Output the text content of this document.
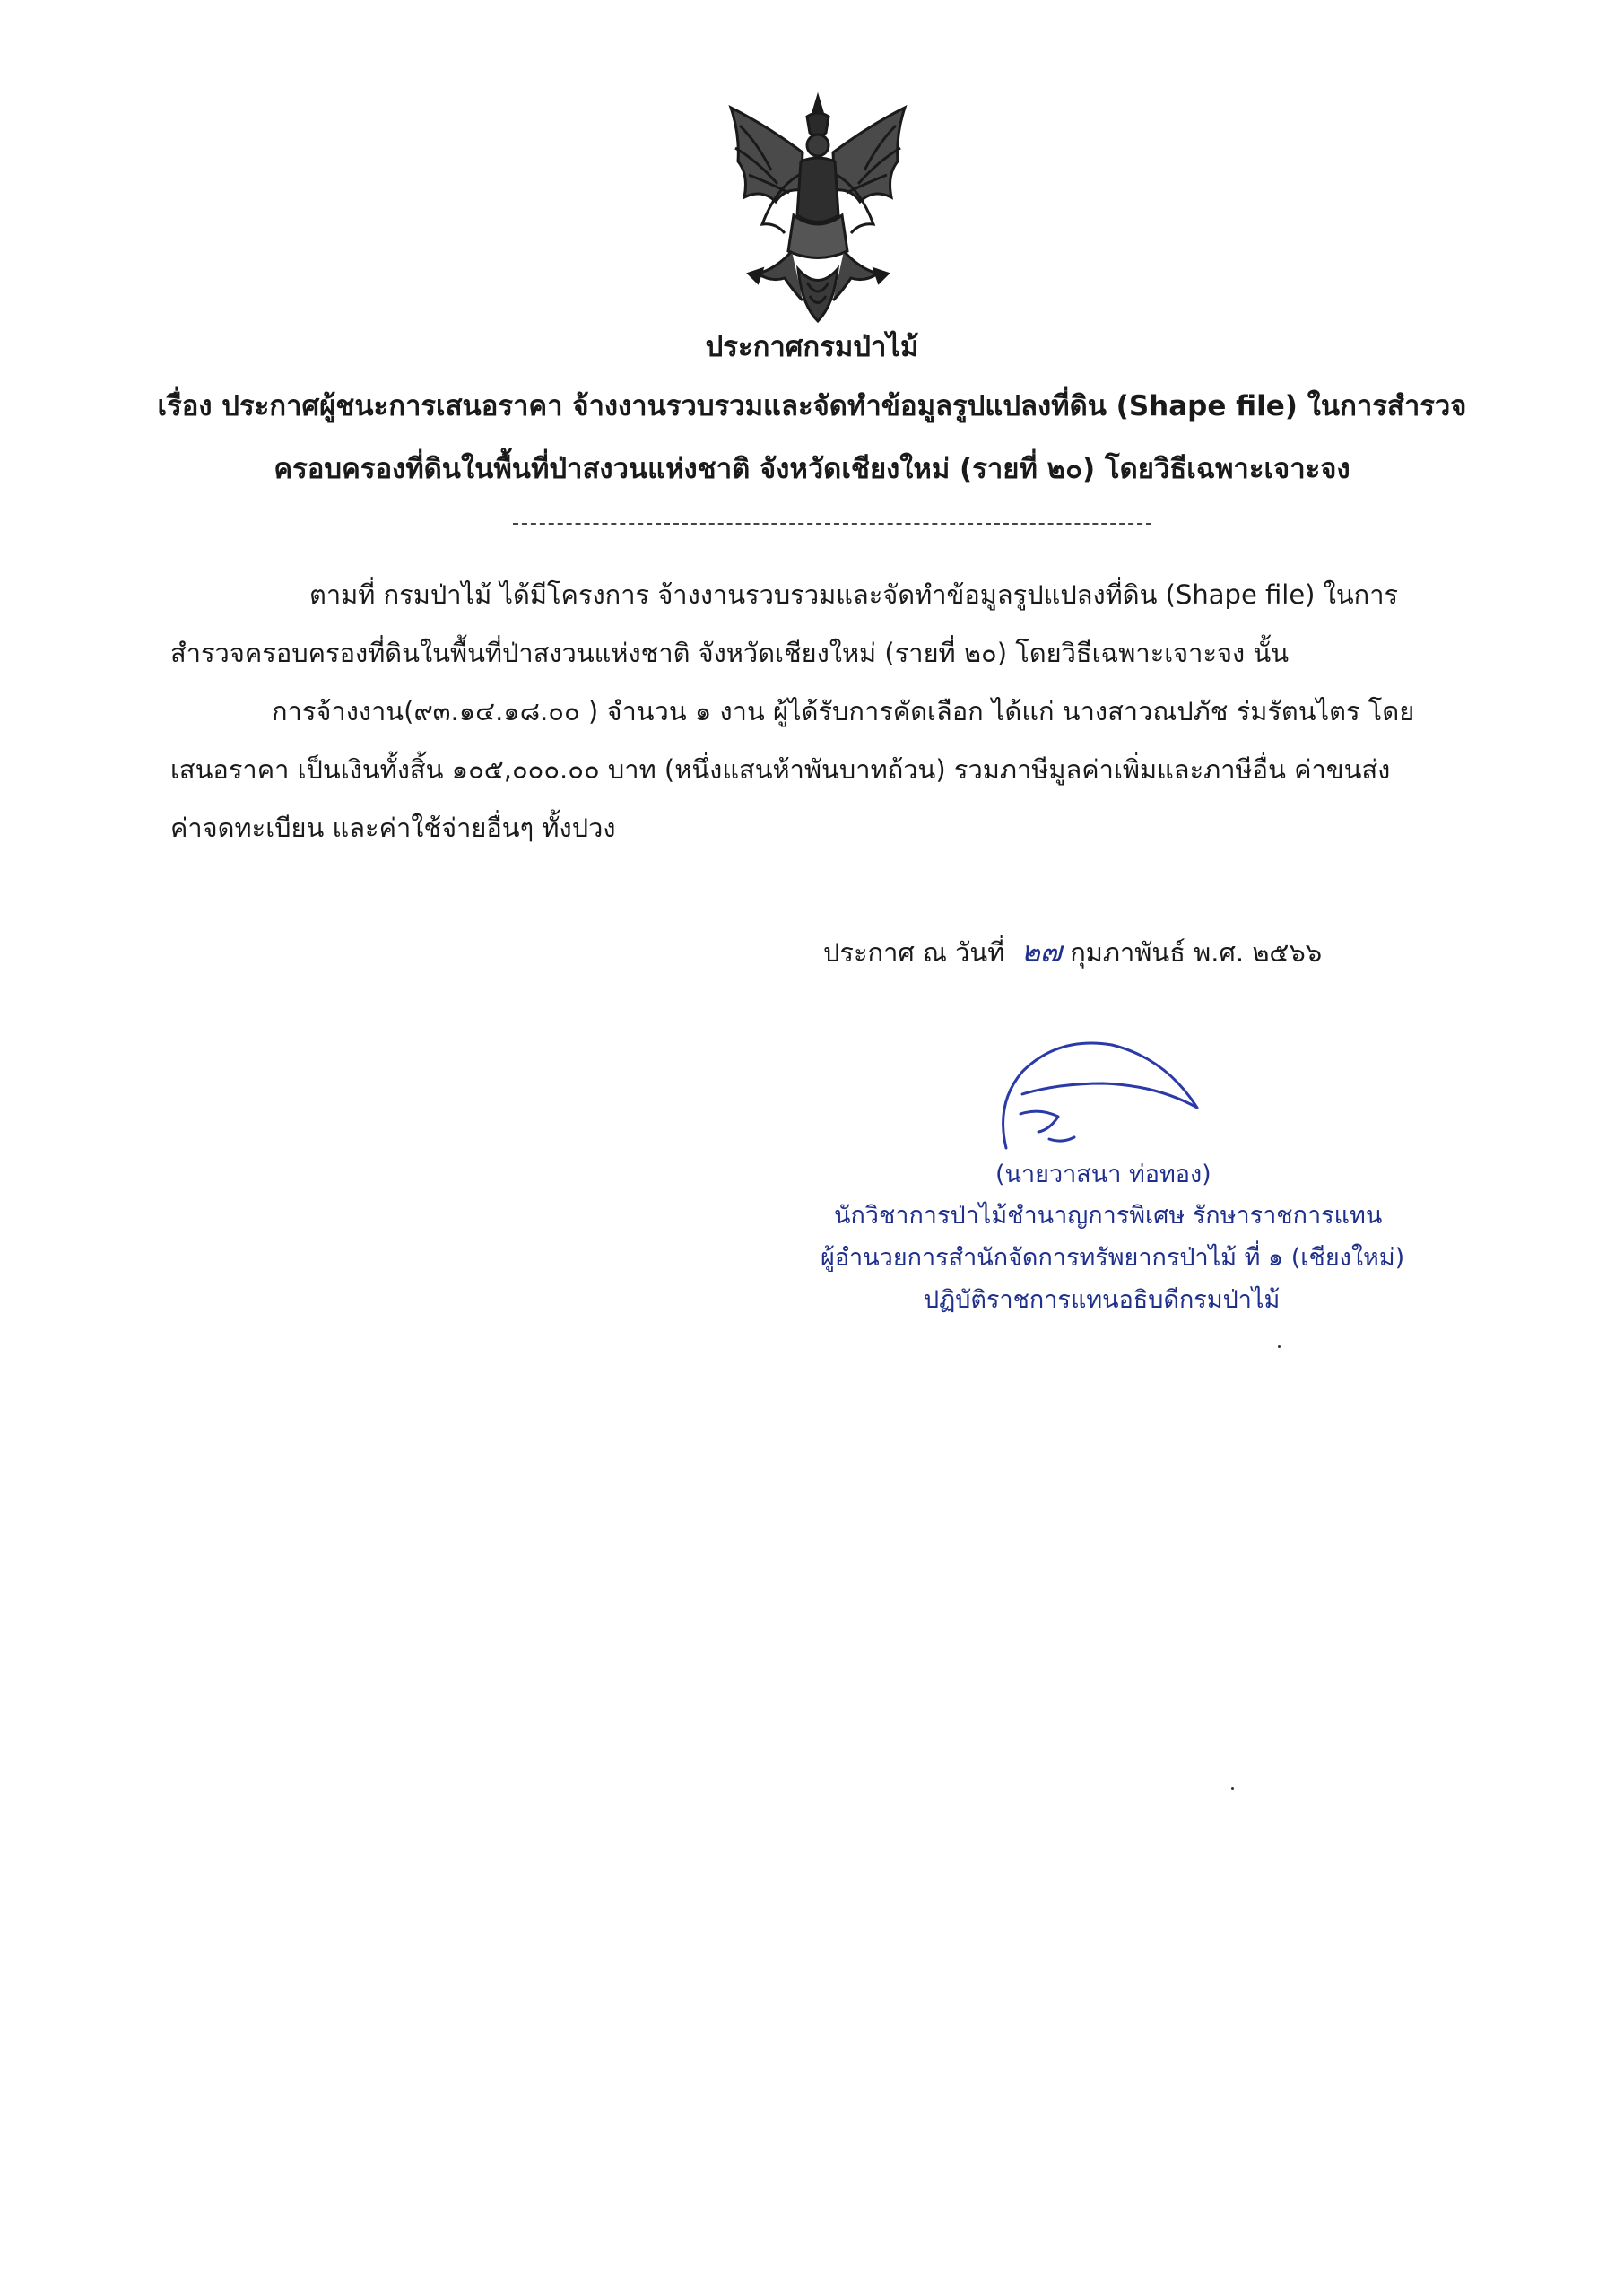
ประกาศกรมป่าไม้
เรื่อง ประกาศผู้ชนะการเสนอราคา จ้างงานรวบรวมและจัดทำข้อมูลรูปแปลงที่ดิน (Shape file) ในการสำรวจ
ครอบครองที่ดินในพื้นที่ป่าสงวนแห่งชาติ จังหวัดเชียงใหม่ (รายที่ ๒๐) โดยวิธีเฉพาะเจาะจง
ตามที่ กรมป่าไม้ ได้มีโครงการ จ้างงานรวบรวมและจัดทำข้อมูลรูปแปลงที่ดิน (Shape file) ในการ
สำรวจครอบครองที่ดินในพื้นที่ป่าสงวนแห่งชาติ จังหวัดเชียงใหม่ (รายที่ ๒๐) โดยวิธีเฉพาะเจาะจง นั้น
การจ้างงาน(๙๓.๑๔.๑๘.๐๐ ) จำนวน ๑ งาน ผู้ได้รับการคัดเลือก ได้แก่ นางสาวณปภัช ร่มรัตนไตร โดย
เสนอราคา เป็นเงินทั้งสิ้น ๑๐๕,๐๐๐.๐๐ บาท (หนึ่งแสนห้าพันบาทถ้วน) รวมภาษีมูลค่าเพิ่มและภาษีอื่น ค่าขนส่ง
ค่าจดทะเบียน และค่าใช้จ่ายอื่นๆ ทั้งปวง
ประกาศ ณ วันที่ ๒๗ กุมภาพันธ์ พ.ศ. ๒๕๖๖
(นายวาสนา ท่อทอง)
นักวิชาการป่าไม้ชำนาญการพิเศษ รักษาราชการแทน
ผู้อำนวยการสำนักจัดการทรัพยากรป่าไม้ ที่ ๑ (เชียงใหม่)
ปฏิบัติราชการแทนอธิบดีกรมป่าไม้
